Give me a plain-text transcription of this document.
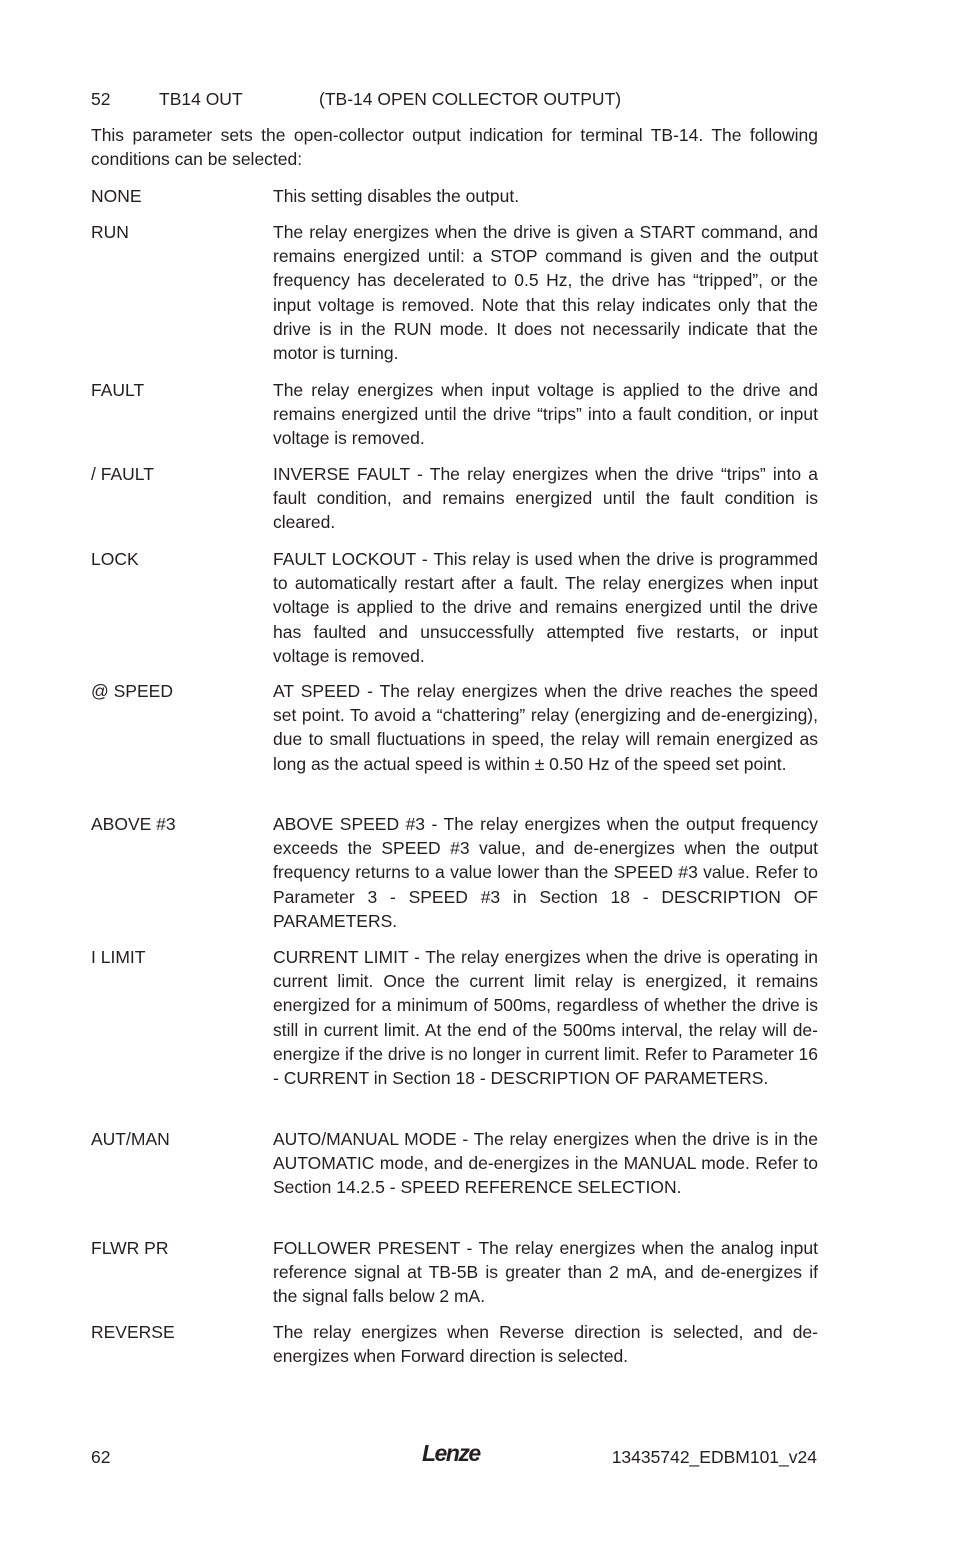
52	TB14 OUT	(TB-14 OPEN COLLECTOR OUTPUT)

This parameter sets the open-collector output indication for terminal TB-14. The following conditions can be selected:

NONE	This setting disables the output.
RUN	The relay energizes when the drive is given a START command, and remains energized until: a STOP command is given and the output frequency has decelerated to 0.5 Hz, the drive has “tripped”, or the input voltage is removed. Note that this relay indicates only that the drive is in the RUN mode. It does not necessarily indicate that the motor is turning.
FAULT	The relay energizes when input voltage is applied to the drive and remains energized until the drive “trips” into a fault condition, or input voltage is removed.
/ FAULT	INVERSE FAULT - The relay energizes when the drive “trips” into a fault condition, and remains energized until the fault condition is cleared.
LOCK	FAULT LOCKOUT - This relay is used when the drive is programmed to automatically restart after a fault. The relay energizes when input voltage is applied to the drive and remains energized until the drive has faulted and unsuccessfully attempted five restarts, or input voltage is removed.
@ SPEED	AT SPEED - The relay energizes when the drive reaches the speed set point. To avoid a “chattering” relay (energizing and de-energizing), due to small fluctuations in speed, the relay will remain energized as long as the actual speed is within ± 0.50 Hz of the speed set point.
ABOVE #3	ABOVE SPEED #3 - The relay energizes when the output frequency exceeds the SPEED #3 value, and de-energizes when the output frequency returns to a value lower than the SPEED #3 value. Refer to Parameter 3 - SPEED #3 in Section 18 - DESCRIPTION OF PARAMETERS.
I LIMIT	CURRENT LIMIT - The relay energizes when the drive is operating in current limit. Once the current limit relay is energized, it remains energized for a minimum of 500ms, regardless of whether the drive is still in current limit. At the end of the 500ms interval, the relay will de-energize if the drive is no longer in current limit. Refer to Parameter 16 - CURRENT in Section 18 - DESCRIPTION OF PARAMETERS.
AUT/MAN	AUTO/MANUAL MODE - The relay energizes when the drive is in the AUTOMATIC mode, and de-energizes in the MANUAL mode. Refer to Section 14.2.5 - SPEED REFERENCE SELECTION.
FLWR PR	FOLLOWER PRESENT - The relay energizes when the analog input reference signal at TB-5B is greater than 2 mA, and de-energizes if the signal falls below 2 mA.
REVERSE	The relay energizes when Reverse direction is selected, and de-energizes when Forward direction is selected.
62	Lenze	13435742_EDBM101_v24
